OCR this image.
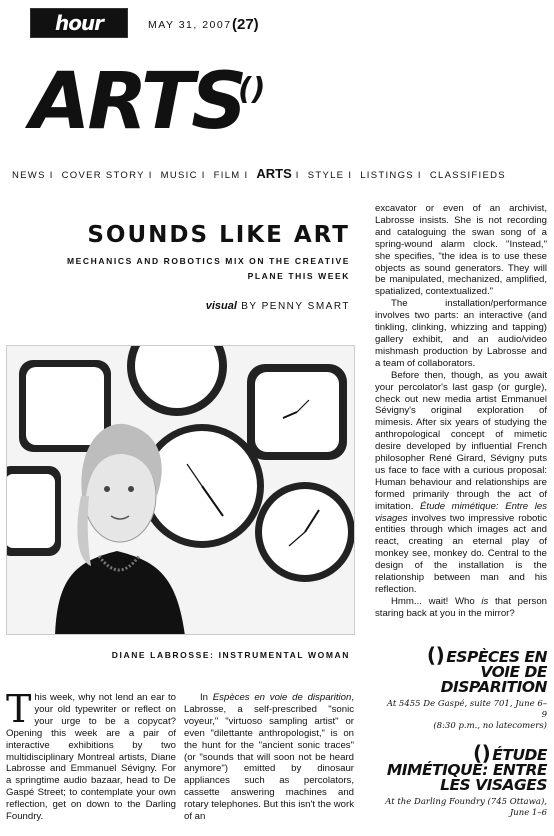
hour	MAY 31, 2007 (27)
ARTS
()
NEWS I COVER STORY I MUSIC I FILM I ARTS I STYLE I LISTINGS I CLASSIFIEDS
SOUNDS LIKE ART
MECHANICS AND ROBOTICS MIX ON THE CREATIVE PLANE THIS WEEK
visual BY PENNY SMART
DIANE LABROSSE: INSTRUMENTAL WOMAN

This week, why not lend an ear to your old typewriter or reflect on your urge to be a copycat? Opening this week are a pair of interactive exhibitions by two multidisciplinary Montreal artists, Diane Labrosse and Emmanuel Sévigny. For a springtime audio bazaar, head to De Gaspé Street; to contemplate your own reflection, get on down to the Darling Foundry.

In Espèces en voie de disparition, Labrosse, a self-prescribed "sonic voyeur," "virtuoso sampling artist" or even "dilettante anthropologist," is on the hunt for the "ancient sonic traces" (or "sounds that will soon not be heard anymore") emitted by dinosaur appliances such as percolators, cassette answering machines and rotary telephones. But this isn't the work of an

excavator or even of an archivist, Labrosse insists. She is not recording and cataloguing the swan song of a spring-wound alarm clock. "Instead," she specifies, "the idea is to use these objects as sound generators. They will be manipulated, mechanized, amplified, spatialized, contextualized."

The installation/performance involves two parts: an interactive (and tinkling, clinking, whizzing and tapping) gallery exhibit, and an audio/video mishmash production by Labrosse and a team of collaborators.

Before then, though, as you await your percolator's last gasp (or gurgle), check out new media artist Emmanuel Sévigny's original exploration of mimesis. After six years of studying the anthropological concept of mimetic desire developed by influential French philosopher René Girard, Sévigny puts us face to face with a curious proposal: Human behaviour and relationships are formed primarily through the act of imitation. Étude mimétique: Entre les visages involves two impressive robotic entities through which images act and react, creating an eternal play of monkey see, monkey do. Central to the design of the installation is the relationship between man and his reflection.

Hmm... wait! Who is that person staring back at you in the mirror?

() ESPÈCES EN VOIE DE DISPARITION
At 5455 De Gaspé, suite 701, June 6–9
(8:30 p.m., no latecomers)
() ÉTUDE MIMÉTIQUE: ENTRE LES VISAGES
At the Darling Foundry (745 Ottawa),
June 1–6
